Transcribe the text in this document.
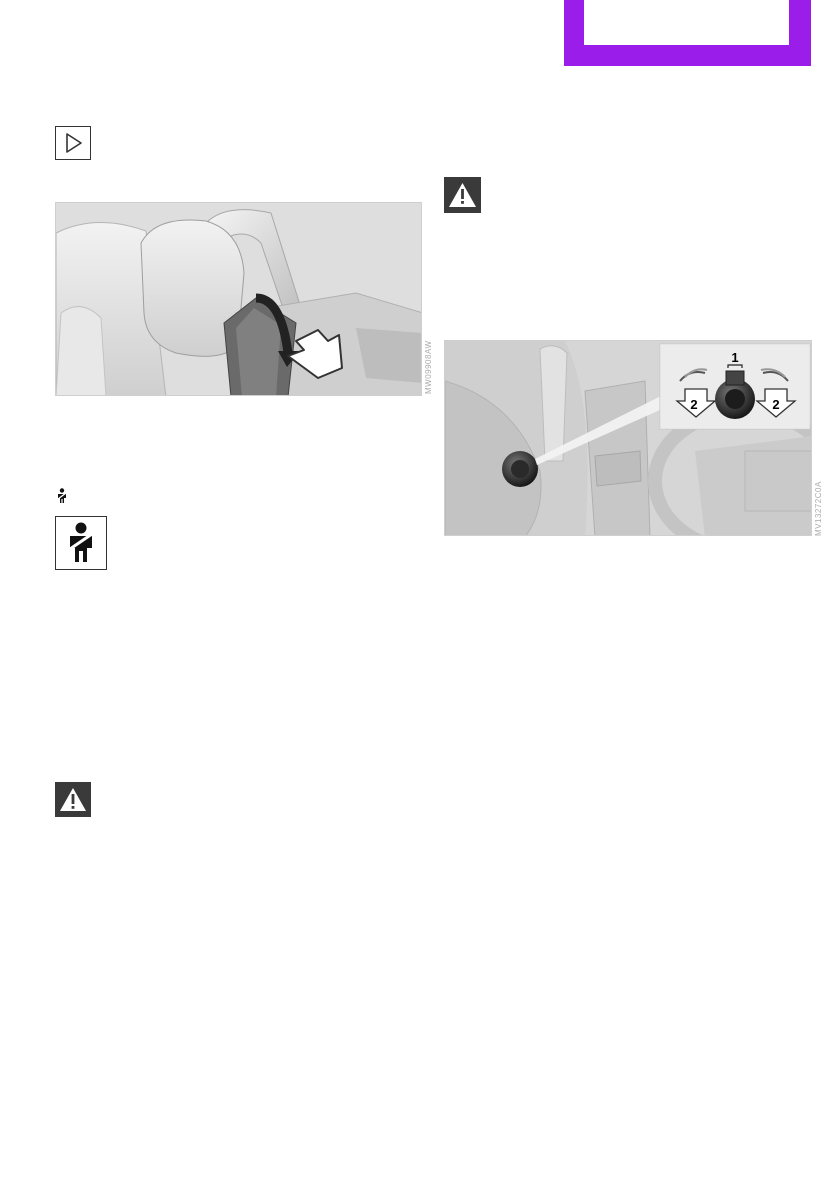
MW09908AW	1
2	2
MV13272C0A
